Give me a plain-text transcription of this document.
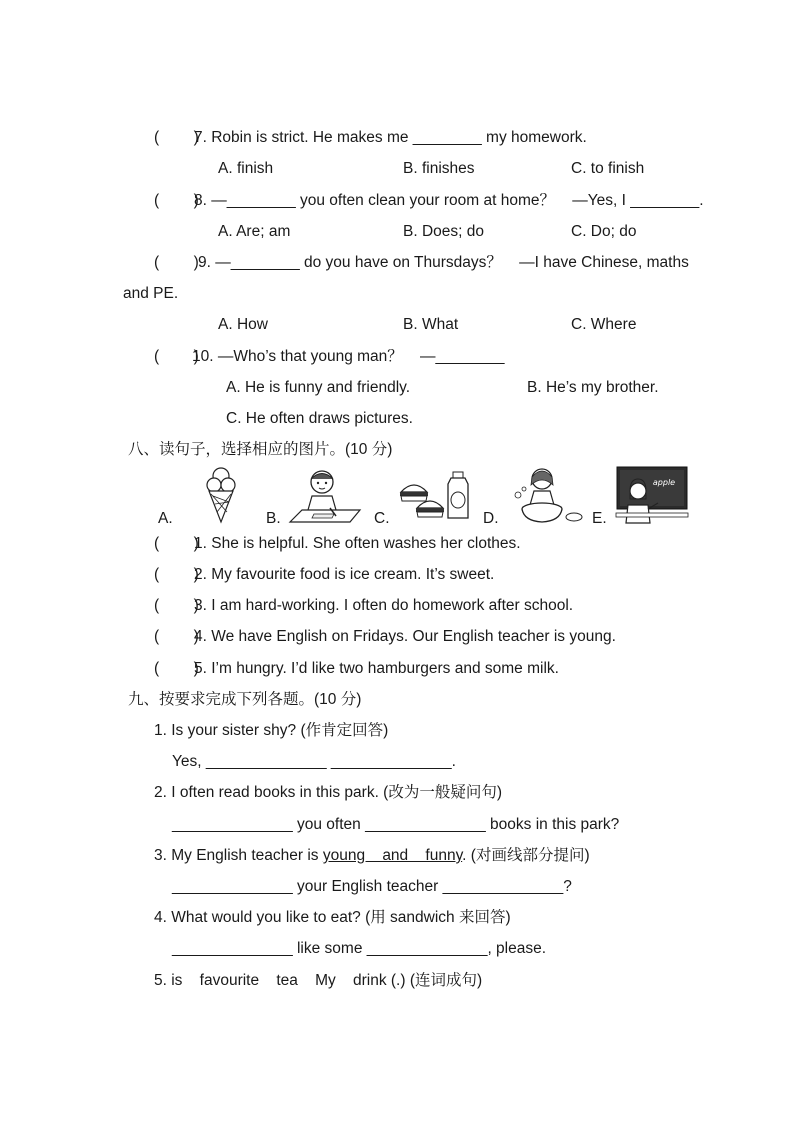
(        )
7. Robin is strict. He makes me ________ my homework.
A. finish	B. finishes	C. to finish
(        )
8. —________ you often clean your room at home？    —Yes, I ________.
A. Are; am	B. Does; do	C. Do; do
(        ) 9. —________ do you have on Thursdays？    —I have Chinese, maths
and PE.
A. How	B. What	C. Where
(        )
10. —Who’s that young man？    —________
A. He is funny and friendly.	B. He’s my brother.
C. He often draws pictures.
八、读句子，选择相应的图片。(10 分)
A.	B.	C.	D.	E.
apple
(        )
1. She is helpful. She often washes her clothes.
(        )
2. My favourite food is ice cream. It’s sweet.
(        )
3. I am hard-working. I often do homework after school.
(        )
4. We have English on Fridays. Our English teacher is young.
(        )
5. I’m hungry. I’d like two hamburgers and some milk.
九、按要求完成下列各题。(10 分)
1. Is your sister shy? (作肯定回答)
Yes, ______________ ______________.
2. I often read books in this park. (改为一般疑问句)
______________ you often ______________ books in this park?
3. My English teacher is young    and    funny. (对画线部分提问)
______________ your English teacher ______________?
4. What would you like to eat? (用 sandwich 来回答)
______________ like some ______________, please.
5. is    favourite    tea    My    drink (.) (连词成句)
